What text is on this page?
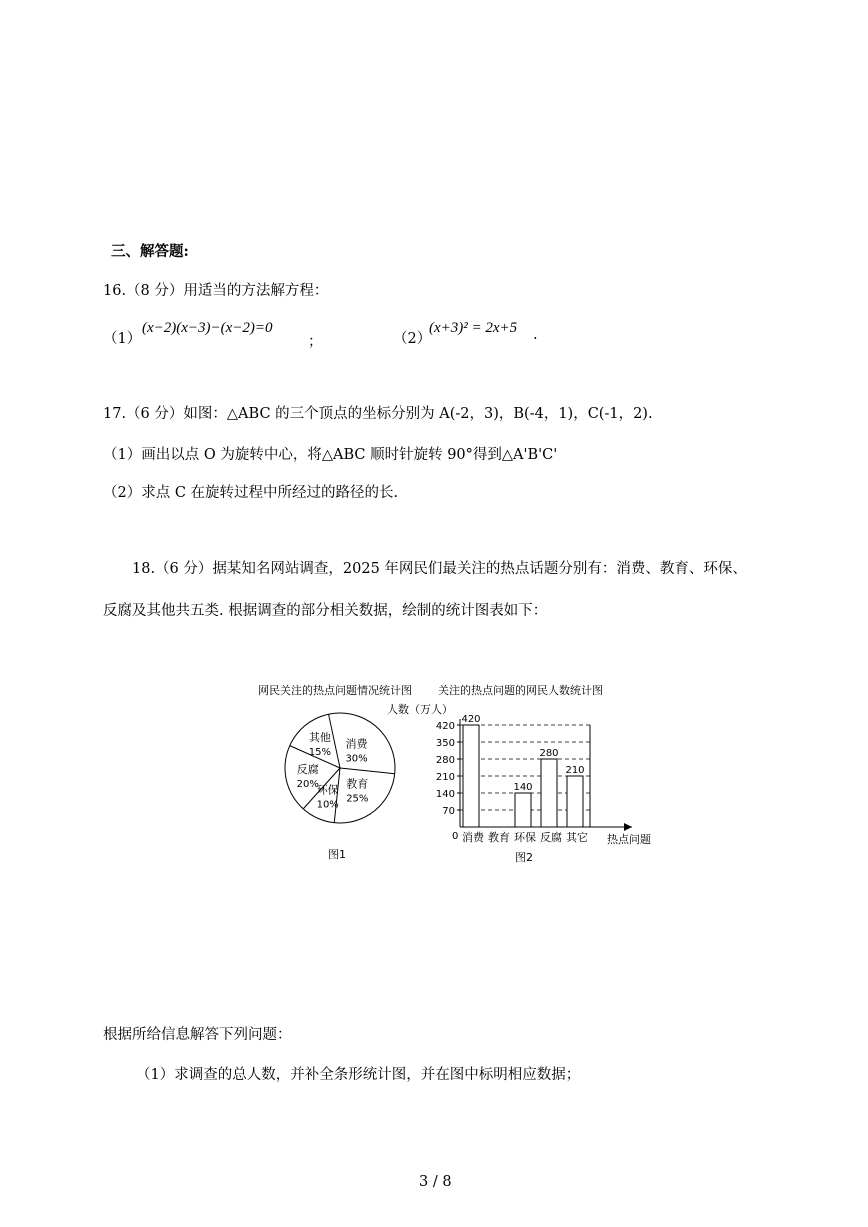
三、解答题:
16.（8 分）用适当的方法解方程：
（1）
(x−2)(x−3)−(x−2)=0
；	（2）
(x+3)² = 2x+5 .
17.（6 分）如图：△ABC 的三个顶点的坐标分别为 A(-2，3)，B(-4，1)，C(-1，2).
（1）画出以点 O 为旋转中心，将△ABC 顺时针旋转 90°得到△A'B'C'
（2）求点 C 在旋转过程中所经过的路径的长.
18.（6 分）据某知名网站调查，2025 年网民们最关注的热点话题分别有：消费、教育、环保、
反腐及其他共五类. 根据调查的部分相关数据，绘制的统计图表如下：
网民关注的热点问题情况统计图
消费
30%
教育
25%
环保
10%
反腐
20%
其他
15%
图1
关注的热点问题的网民人数统计图
人数（万人）
70
140
210
280
350
420
420
消费 教育
140
环保
280
反腐
210
其它
0	热点问题
图2
根据所给信息解答下列问题：
（1）求调查的总人数，并补全条形统计图，并在图中标明相应数据；
3 / 8
